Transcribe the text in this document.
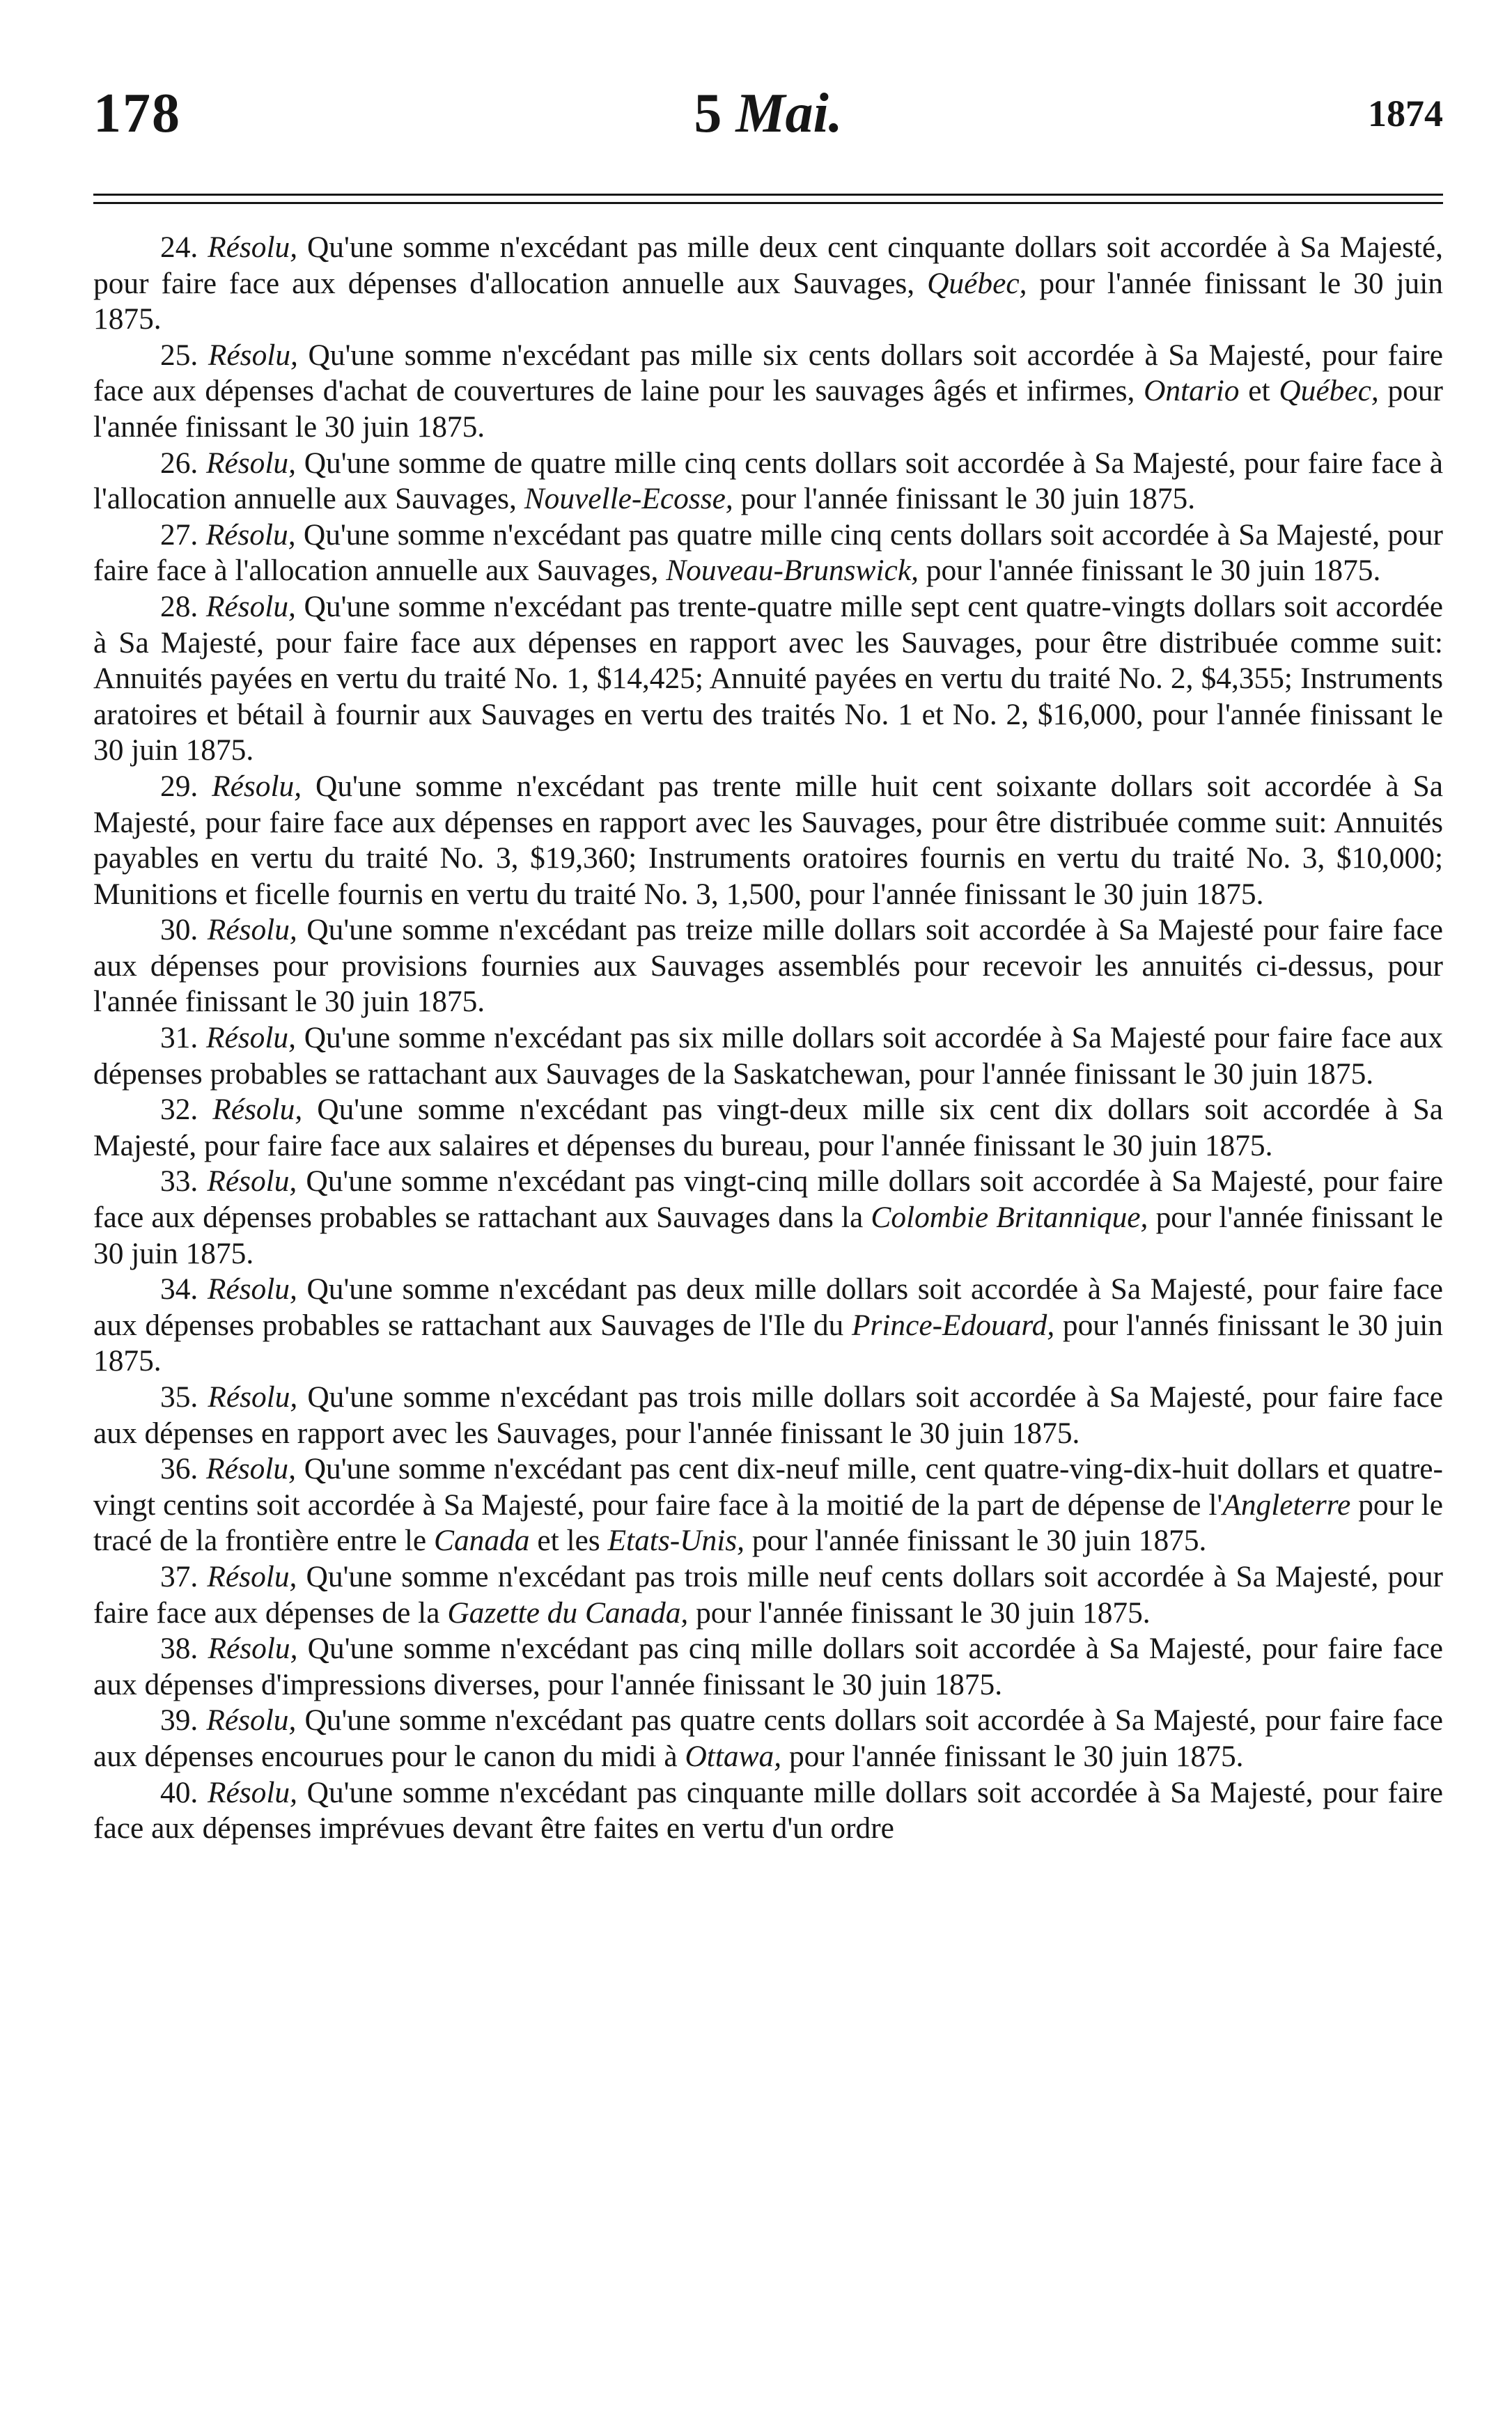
178	5 Mai.	1874

24. Résolu, Qu'une somme n'excédant pas mille deux cent cinquante dollars soit accordée à Sa Majesté, pour faire face aux dépenses d'allocation annuelle aux Sauvages, Québec, pour l'année finissant le 30 juin 1875.

25. Résolu, Qu'une somme n'excédant pas mille six cents dollars soit accordée à Sa Majesté, pour faire face aux dépenses d'achat de couvertures de laine pour les sauvages âgés et infirmes, Ontario et Québec, pour l'année finissant le 30 juin 1875.

26. Résolu, Qu'une somme de quatre mille cinq cents dollars soit accordée à Sa Majesté, pour faire face à l'allocation annuelle aux Sauvages, Nouvelle-Ecosse, pour l'année finissant le 30 juin 1875.

27. Résolu, Qu'une somme n'excédant pas quatre mille cinq cents dollars soit accordée à Sa Majesté, pour faire face à l'allocation annuelle aux Sauvages, Nouveau-Brunswick, pour l'année finissant le 30 juin 1875.

28. Résolu, Qu'une somme n'excédant pas trente-quatre mille sept cent quatre-vingts dollars soit accordée à Sa Majesté, pour faire face aux dépenses en rapport avec les Sauvages, pour être distribuée comme suit: Annuités payées en vertu du traité No. 1, $14,425; Annuité payées en vertu du traité No. 2, $4,355; Instruments aratoires et bétail à fournir aux Sauvages en vertu des traités No. 1 et No. 2, $16,000, pour l'année finissant le 30 juin 1875.

29. Résolu, Qu'une somme n'excédant pas trente mille huit cent soixante dollars soit accordée à Sa Majesté, pour faire face aux dépenses en rapport avec les Sauvages, pour être distribuée comme suit: Annuités payables en vertu du traité No. 3, $19,360; Instruments oratoires fournis en vertu du traité No. 3, $10,000; Munitions et ficelle fournis en vertu du traité No. 3, 1,500, pour l'année finissant le 30 juin 1875.

30. Résolu, Qu'une somme n'excédant pas treize mille dollars soit accordée à Sa Majesté pour faire face aux dépenses pour provisions fournies aux Sauvages assemblés pour recevoir les annuités ci-dessus, pour l'année finissant le 30 juin 1875.

31. Résolu, Qu'une somme n'excédant pas six mille dollars soit accordée à Sa Majesté pour faire face aux dépenses probables se rattachant aux Sauvages de la Saskatchewan, pour l'année finissant le 30 juin 1875.

32. Résolu, Qu'une somme n'excédant pas vingt-deux mille six cent dix dollars soit accordée à Sa Majesté, pour faire face aux salaires et dépenses du bureau, pour l'année finissant le 30 juin 1875.

33. Résolu, Qu'une somme n'excédant pas vingt-cinq mille dollars soit accordée à Sa Majesté, pour faire face aux dépenses probables se rattachant aux Sauvages dans la Colombie Britannique, pour l'année finissant le 30 juin 1875.

34. Résolu, Qu'une somme n'excédant pas deux mille dollars soit accordée à Sa Majesté, pour faire face aux dépenses probables se rattachant aux Sauvages de l'Ile du Prince-Edouard, pour l'annés finissant le 30 juin 1875.

35. Résolu, Qu'une somme n'excédant pas trois mille dollars soit accordée à Sa Majesté, pour faire face aux dépenses en rapport avec les Sauvages, pour l'année finissant le 30 juin 1875.

36. Résolu, Qu'une somme n'excédant pas cent dix-neuf mille, cent quatre-ving-dix-huit dollars et quatre-vingt centins soit accordée à Sa Majesté, pour faire face à la moitié de la part de dépense de l'Angleterre pour le tracé de la frontière entre le Canada et les Etats-Unis, pour l'année finissant le 30 juin 1875.

37. Résolu, Qu'une somme n'excédant pas trois mille neuf cents dollars soit accordée à Sa Majesté, pour faire face aux dépenses de la Gazette du Canada, pour l'année finissant le 30 juin 1875.

38. Résolu, Qu'une somme n'excédant pas cinq mille dollars soit accordée à Sa Majesté, pour faire face aux dépenses d'impressions diverses, pour l'année finissant le 30 juin 1875.

39. Résolu, Qu'une somme n'excédant pas quatre cents dollars soit accordée à Sa Majesté, pour faire face aux dépenses encourues pour le canon du midi à Ottawa, pour l'année finissant le 30 juin 1875.

40. Résolu, Qu'une somme n'excédant pas cinquante mille dollars soit accordée à Sa Majesté, pour faire face aux dépenses imprévues devant être faites en vertu d'un ordre
